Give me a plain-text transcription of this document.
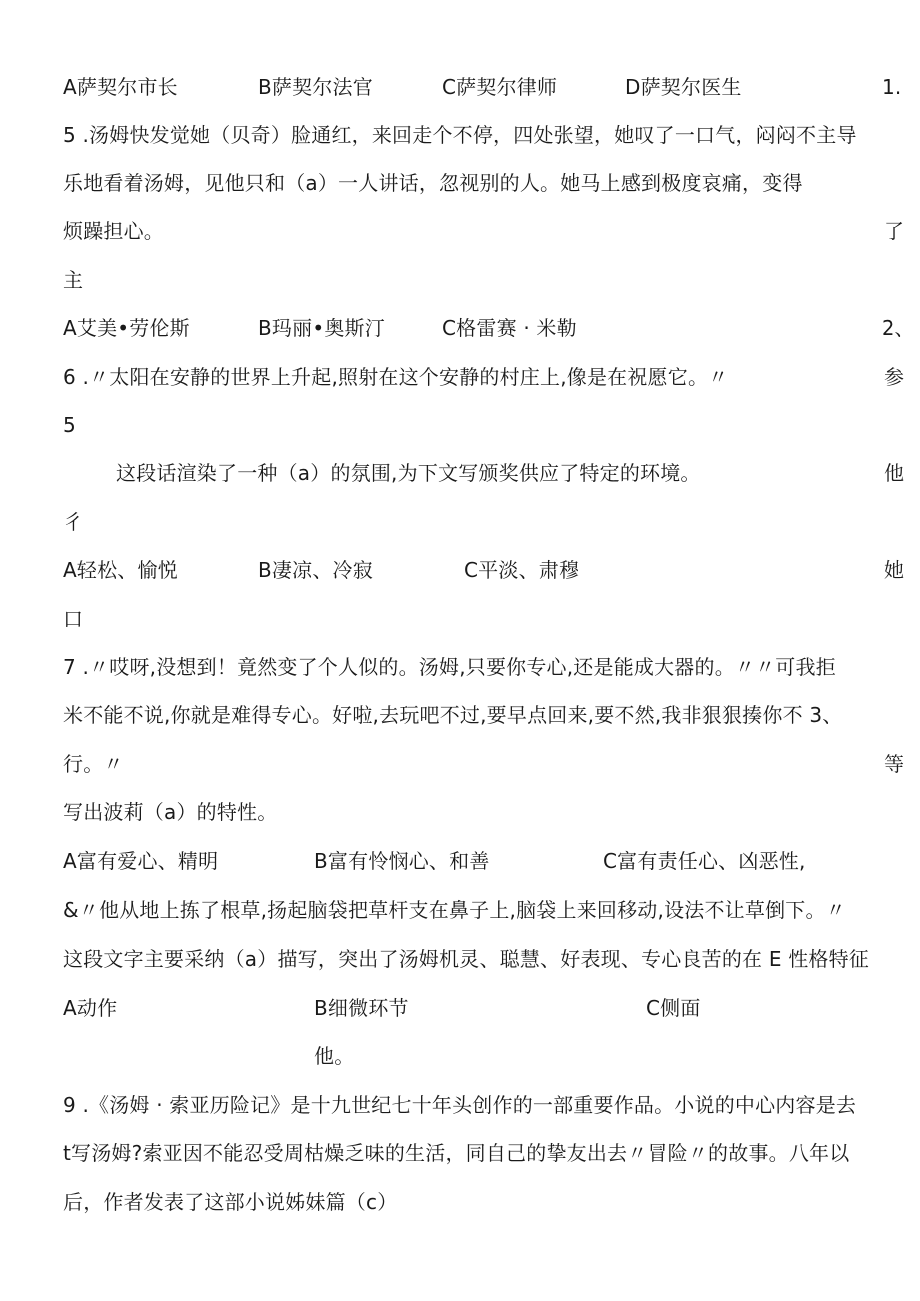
A萨契尔市长	B萨契尔法官	C萨契尔律师	D萨契尔医生	1.
5 .汤姆快发觉她（贝奇）脸通红，来回走个不停，四处张望，她叹了一口气，闷闷不主导
乐地看着汤姆，见他只和（a）一人讲话，忽视别的人。她马上感到极度哀痛，变得
烦躁担心。	了
主
A艾美•劳伦斯	B玛丽•奥斯汀	C格雷赛 · 米勒	2、
6 .〃太阳在安静的世界上升起,照射在这个安静的村庄上,像是在祝愿它。〃	参
5
这段话渲染了一种（a）的氛围,为下文写颁奖供应了特定的环境。	他
彳
A轻松、愉悦	B凄凉、冷寂	C平淡、肃穆	她
口
7 .〃哎呀,没想到！竟然变了个人似的。汤姆,只要你专心,还是能成大器的。〃〃可我拒
米不能不说,你就是难得专心。好啦,去玩吧不过,要早点回来,要不然,我非狠狠揍你不 3、
行。〃	等
写出波莉（a）的特性。
A富有爱心、精明	B富有怜悯心、和善	C富有责任心、凶恶性,
&〃他从地上拣了根草,扬起脑袋把草杆支在鼻子上,脑袋上来回移动,设法不让草倒下。〃
这段文字主要采纳（a）描写，突出了汤姆机灵、聪慧、好表现、专心良苦的在 E 性格特征
A动作	B细微环节	C侧面
他。
9 .《汤姆 · 索亚历险记》是十九世纪七十年头创作的一部重要作品。小说的中心内容是去
t写汤姆?索亚因不能忍受周枯燥乏味的生活，同自己的挚友出去〃冒险〃的故事。八年以
后，作者发表了这部小说姊妹篇（c）
